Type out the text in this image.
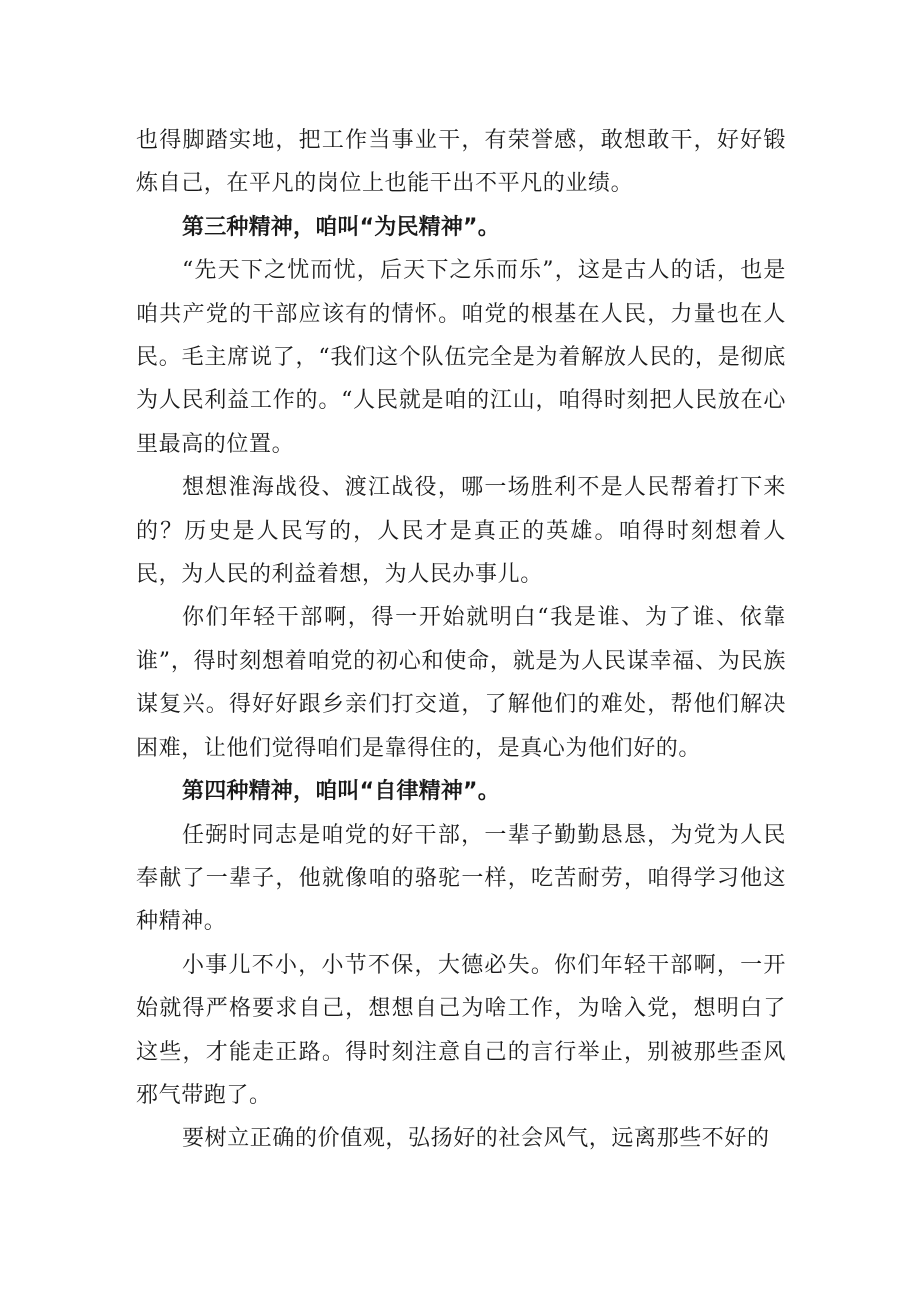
也得脚踏实地，把工作当事业干，有荣誉感，敢想敢干，好好锻炼自己，在平凡的岗位上也能干出不平凡的业绩。

第三种精神，咱叫“为民精神”。

“先天下之忧而忧，后天下之乐而乐”，这是古人的话，也是咱共产党的干部应该有的情怀。咱党的根基在人民，力量也在人民。毛主席说了，“我们这个队伍完全是为着解放人民的，是彻底为人民利益工作的。“人民就是咱的江山，咱得时刻把人民放在心里最高的位置。

想想淮海战役、渡江战役，哪一场胜利不是人民帮着打下来的？历史是人民写的，人民才是真正的英雄。咱得时刻想着人民，为人民的利益着想，为人民办事儿。

你们年轻干部啊，得一开始就明白“我是谁、为了谁、依靠谁”，得时刻想着咱党的初心和使命，就是为人民谋幸福、为民族谋复兴。得好好跟乡亲们打交道，了解他们的难处，帮他们解决困难，让他们觉得咱们是靠得住的，是真心为他们好的。

第四种精神，咱叫“自律精神”。

任弼时同志是咱党的好干部，一辈子勤勤恳恳，为党为人民奉献了一辈子，他就像咱的骆驼一样，吃苦耐劳，咱得学习他这种精神。

小事儿不小，小节不保，大德必失。你们年轻干部啊，一开始就得严格要求自己，想想自己为啥工作，为啥入党，想明白了这些，才能走正路。得时刻注意自己的言行举止，别被那些歪风邪气带跑了。

要树立正确的价值观，弘扬好的社会风气，远离那些不好的
